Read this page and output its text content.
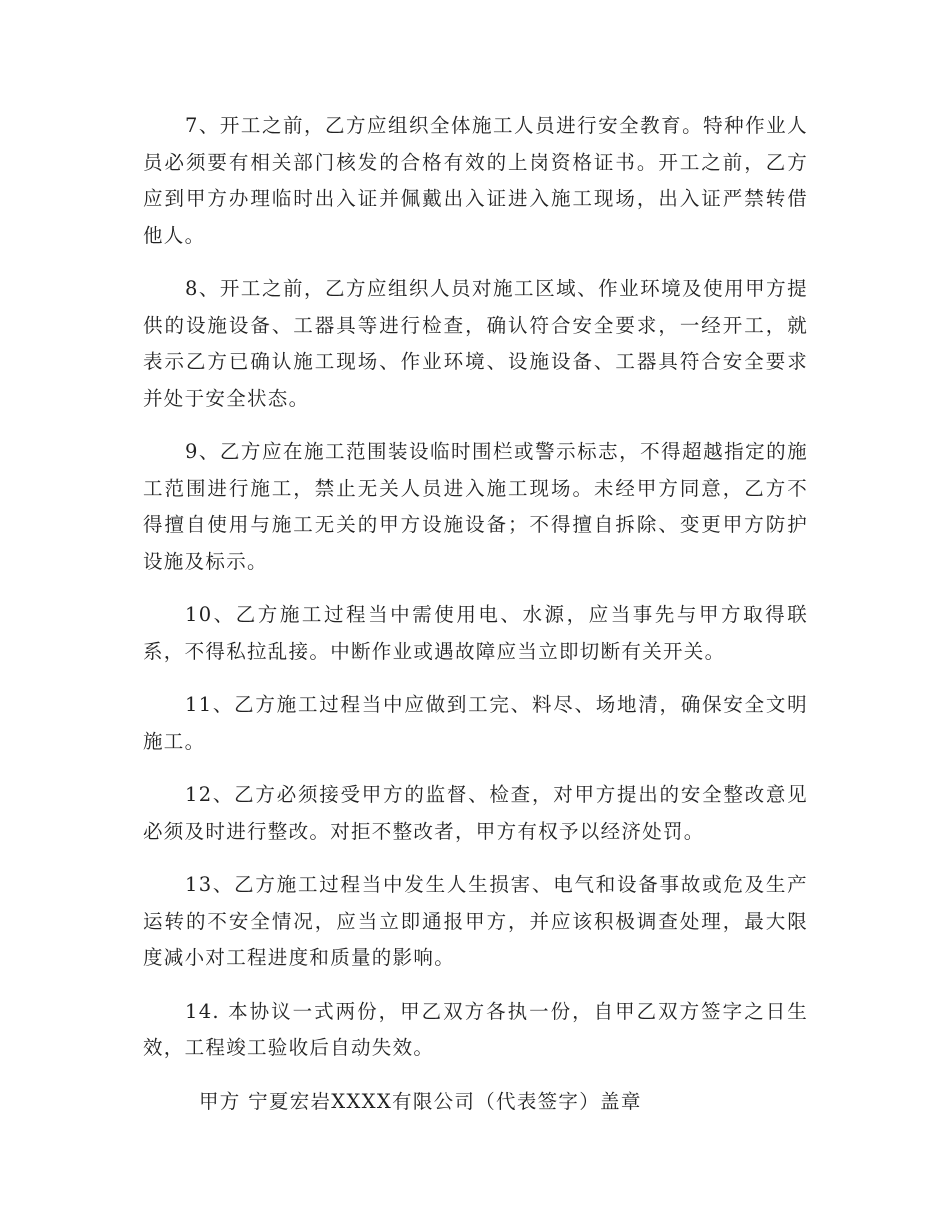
7、开工之前，乙方应组织全体施工人员进行安全教育。特种作业人员必须要有相关部门核发的合格有效的上岗资格证书。开工之前，乙方应到甲方办理临时出入证并佩戴出入证进入施工现场，出入证严禁转借他人。

8、开工之前，乙方应组织人员对施工区域、作业环境及使用甲方提供的设施设备、工器具等进行检查，确认符合安全要求，一经开工，就表示乙方已确认施工现场、作业环境、设施设备、工器具符合安全要求并处于安全状态。

9、乙方应在施工范围装设临时围栏或警示标志，不得超越指定的施工范围进行施工，禁止无关人员进入施工现场。未经甲方同意，乙方不得擅自使用与施工无关的甲方设施设备；不得擅自拆除、变更甲方防护设施及标示。

10、乙方施工过程当中需使用电、水源，应当事先与甲方取得联系，不得私拉乱接。中断作业或遇故障应当立即切断有关开关。

11、乙方施工过程当中应做到工完、料尽、场地清，确保安全文明施工。

12、乙方必须接受甲方的监督、检查，对甲方提出的安全整改意见必须及时进行整改。对拒不整改者，甲方有权予以经济处罚。

13、乙方施工过程当中发生人生损害、电气和设备事故或危及生产运转的不安全情况，应当立即通报甲方，并应该积极调查处理，最大限度减小对工程进度和质量的影响。

14. 本协议一式两份，甲乙双方各执一份，自甲乙双方签字之日生效，工程竣工验收后自动失效。

甲方 宁夏宏岩XXXX有限公司（代表签字）盖章
